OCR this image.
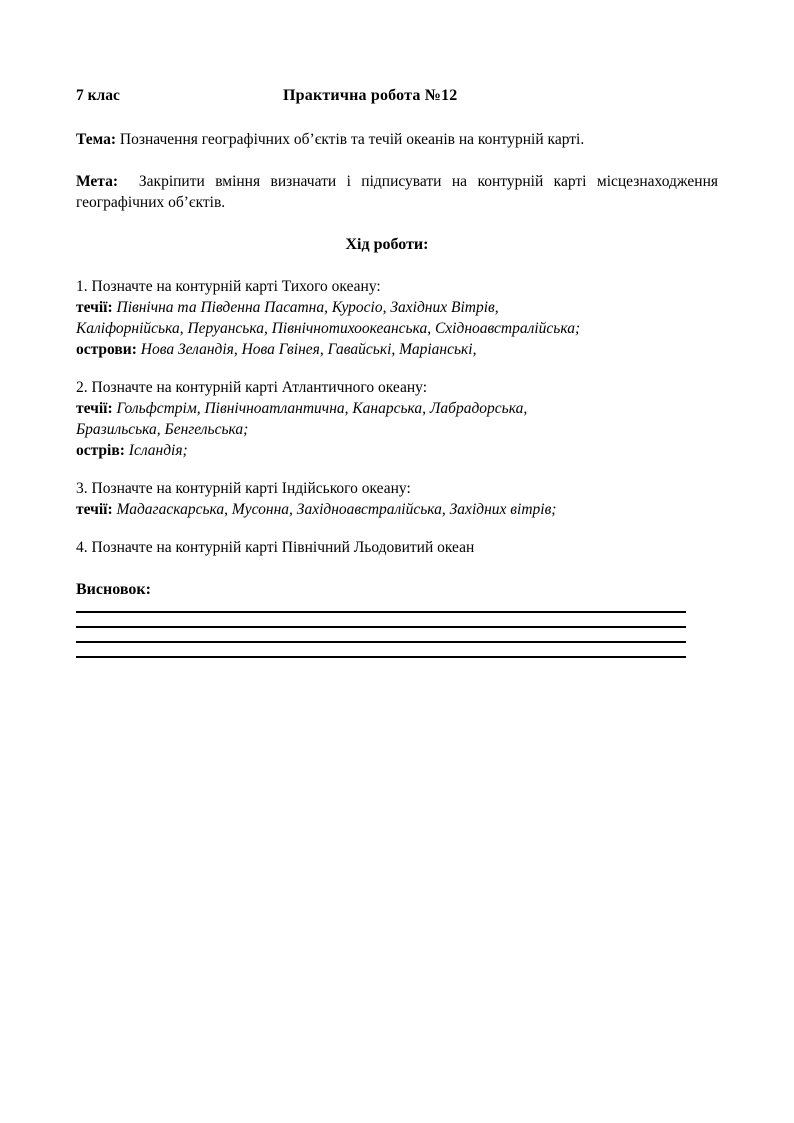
7 клас	Практична робота №12

Тема: Позначення географічних об’єктів та течій океанів на контурній карті.

Мета: Закріпити вміння визначати і підписувати на контурній карті місцезнаходження географічних об’єктів.

Хід роботи:

1. Позначте на контурній карті Тихого океану:

течії: Північна та Південна Пасатна, Куросіо, Західних Вітрів,

Каліфорнійська, Перуанська, Північнотихоокеанська, Східноавстралійська;

острови: Нова Зеландія, Нова Гвінея, Гавайські, Маріанські,

2. Позначте на контурній карті Атлантичного океану:

течії: Гольфстрім, Північноатлантична, Канарська, Лабрадорська,

Бразильська, Бенгельська;

острів: Ісландія;

3. Позначте на контурній карті Індійського океану:

течії: Мадагаскарська, Мусонна, Західноавстралійська, Західних вітрів;

4. Позначте на контурній карті Північний Льодовитий океан

Висновок:
